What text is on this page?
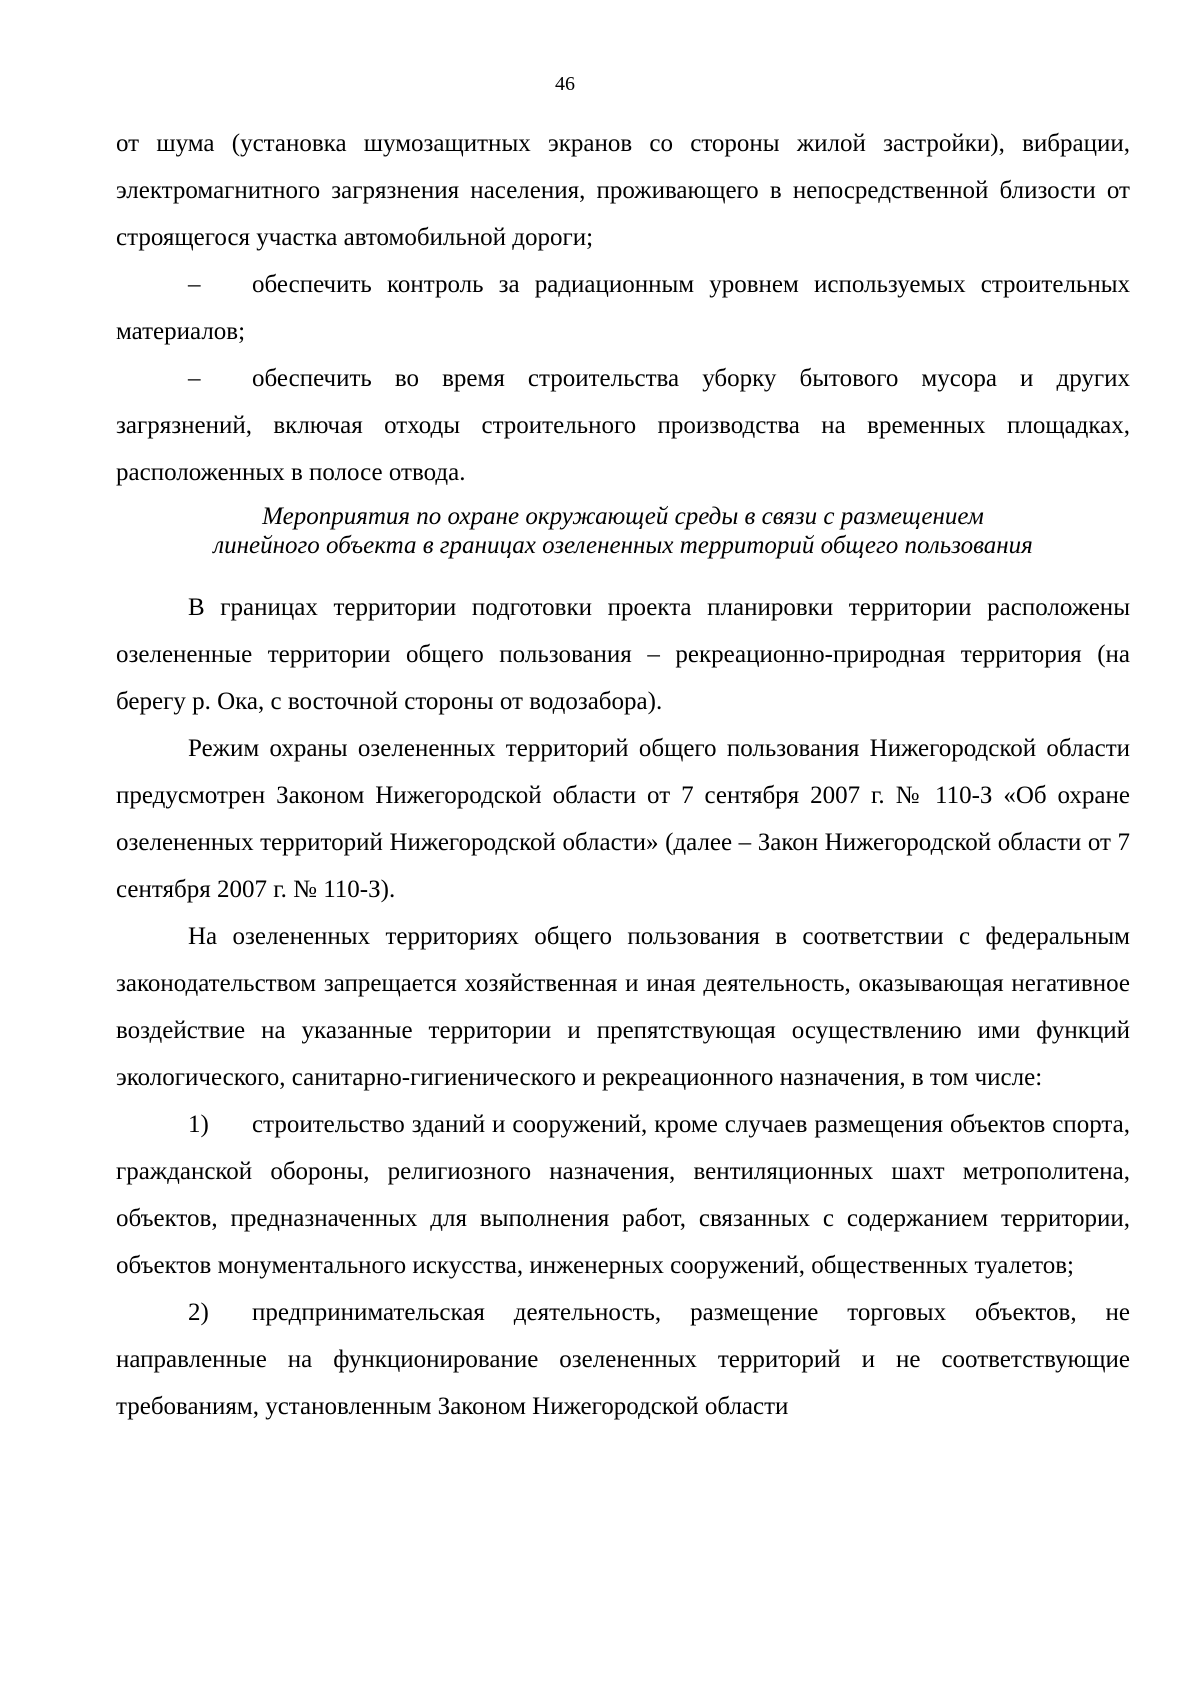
46

от шума (установка шумозащитных экранов со стороны жилой застройки), вибрации, электромагнитного загрязнения населения, проживающего в непосредственной близости от строящегося участка автомобильной дороги;

– обеспечить контроль за радиационным уровнем используемых строительных материалов;

– обеспечить во время строительства уборку бытового мусора и других загрязнений, включая отходы строительного производства на временных площадках, расположенных в полосе отвода.

Мероприятия по охране окружающей среды в связи с размещением
линейного объекта в границах озелененных территорий общего пользования

В границах территории подготовки проекта планировки территории расположены озелененные территории общего пользования – рекреационно-природная территория (на берегу р. Ока, с восточной стороны от водозабора).

Режим охраны озелененных территорий общего пользования Нижегородской области предусмотрен Законом Нижегородской области от 7 сентября 2007 г. № 110-З «Об охране озелененных территорий Нижегородской области» (далее – Закон Нижегородской области от 7 сентября 2007 г. № 110-З).

На озелененных территориях общего пользования в соответствии с федеральным законодательством запрещается хозяйственная и иная деятельность, оказывающая негативное воздействие на указанные территории и препятствующая осуществлению ими функций экологического, санитарно-гигиенического и рекреационного назначения, в том числе:

1) строительство зданий и сооружений, кроме случаев размещения объектов спорта, гражданской обороны, религиозного назначения, вентиляционных шахт метрополитена, объектов, предназначенных для выполнения работ, связанных с содержанием территории, объектов монументального искусства, инженерных сооружений, общественных туалетов;

2) предпринимательская деятельность, размещение торговых объектов, не направленные на функционирование озелененных территорий и не соответствующие требованиям, установленным Законом Нижегородской области
